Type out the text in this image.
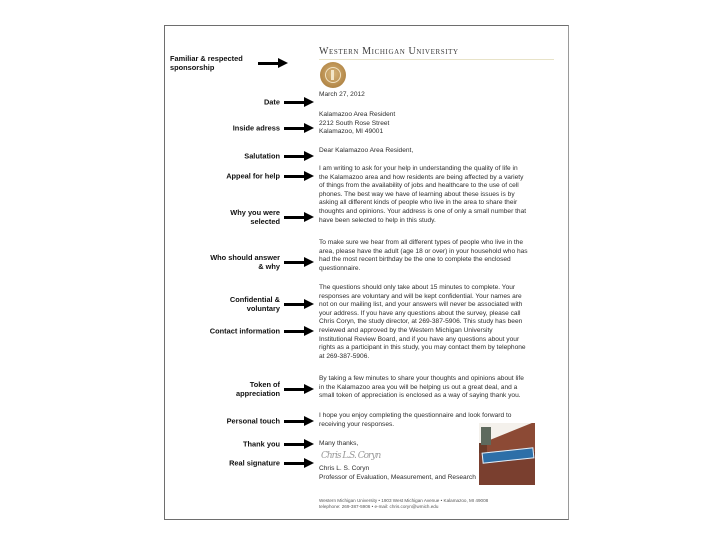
Familiar & respected
sponsorship
Date
Inside adress
Salutation
Appeal for help
Why you were
selected
Who should answer
& why
Confidential &
voluntary
Contact information
Token of
appreciation
Personal touch
Thank you
Real signature
Western Michigan University
March 27, 2012
Kalamazoo Area Resident
2212 South Rose Street
Kalamazoo, MI 49001
Dear Kalamazoo Area Resident,
I am writing to ask for your help in understanding the quality of life in
the Kalamazoo area and how residents are being affected by a variety
of things from the availability of jobs and healthcare to the use of cell
phones. The best way we have of learning about these issues is by
asking all different kinds of people who live in the area to share their
thoughts and opinions. Your address is one of only a small number that
have been selected to help in this study.
To make sure we hear from all different types of people who live in the
area, please have the adult (age 18 or over) in your household who has
had the most recent birthday be the one to complete the enclosed
questionnaire.
The questions should only take about 15 minutes to complete. Your
responses are voluntary and will be kept confidential. Your names are
not on our mailing list, and your answers will never be associated with
your address. If you have any questions about the survey, please call
Chris Coryn, the study director, at 269-387-5906. This study has been
reviewed and approved by the Western Michigan University
Institutional Review Board, and if you have any questions about your
rights as a participant in this study, you may contact them by telephone
at 269-387-5906.
By taking a few minutes to share your thoughts and opinions about life
in the Kalamazoo area you will be helping us out a great deal, and a
small token of appreciation is enclosed as a way of saying thank you.
I hope you enjoy completing the questionnaire and look forward to
receiving your responses.
Many thanks,
Chris L.S. Coryn
Chris L. S. Coryn
Professor of Evaluation, Measurement, and Research
Western Michigan University • 1903 West Michigan Avenue • Kalamazoo, MI 49008
telephone: 269-387-5906 • e-mail: chris.coryn@wmich.edu
